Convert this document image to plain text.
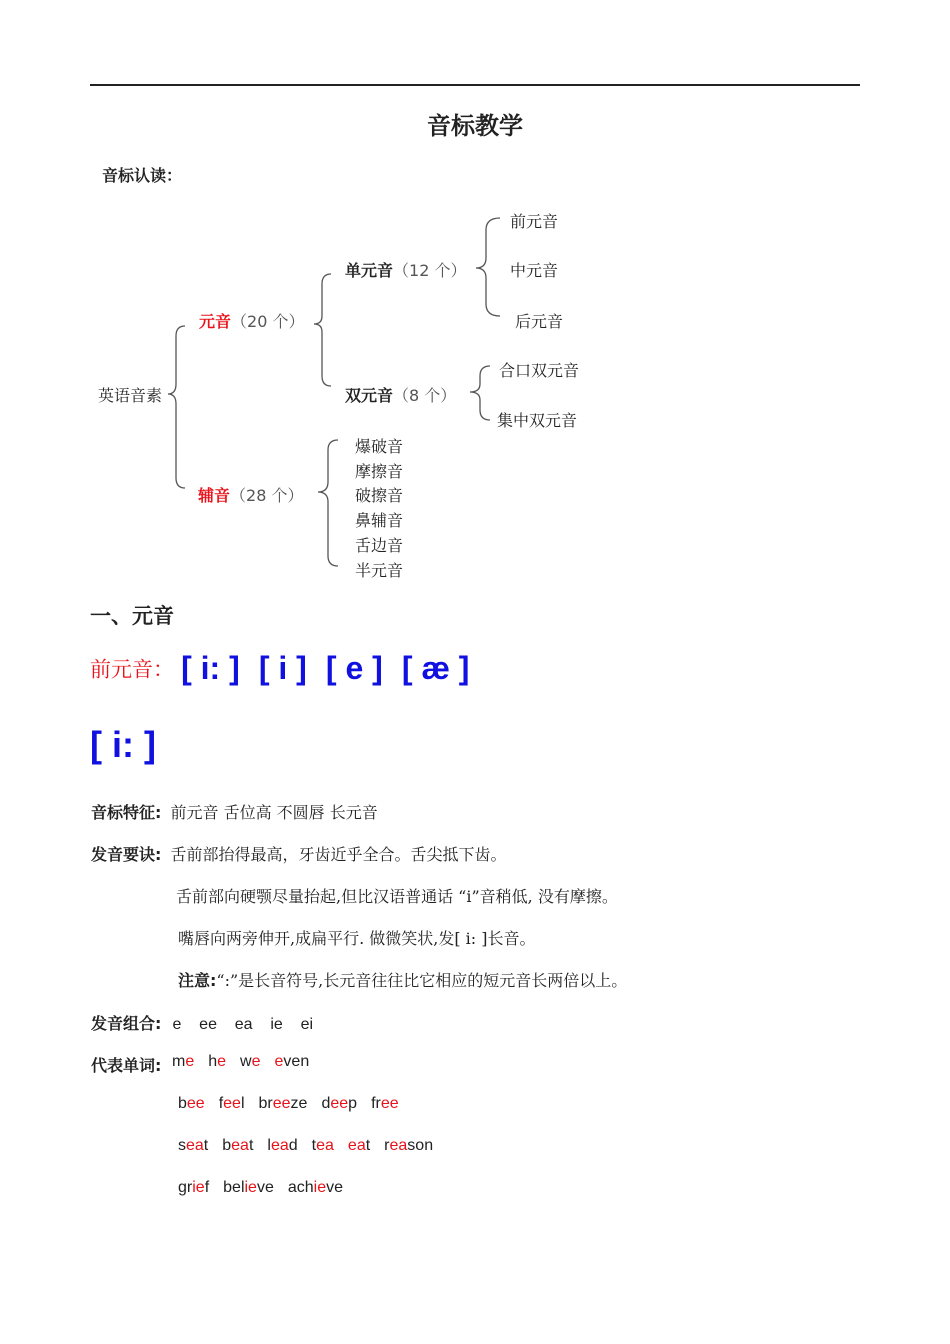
音标教学
音标认读：
英语音素
元音（20 个）
辅音（28 个）
单元音（12 个）
双元音（8 个）
前元音
中元音
后元音
合口双元音
集中双元音
爆破音
摩擦音
破擦音
鼻辅音
舌边音
半元音
一、元音
前元音： [ i: ] [ i ] [ e ] [ æ ]
[ i: ]
音标特征: 前元音 舌位高 不圆唇 长元音
发音要诀: 舌前部抬得最高，牙齿近乎全合。舌尖抵下齿。
舌前部向硬颚尽量抬起,但比汉语普通话 “i”音稍低, 没有摩擦。
嘴唇向两旁伸开,成扁平行. 做微笑状,发[ i: ]长音。
注意:“:”是长音符号,长元音往往比它相应的短元音长两倍以上。
发音组合: e    ee    ea    ie    ei
代表单词: me he we even
bee feel breeze deep free
seat beat lead tea eat reason
grief believe achieve
